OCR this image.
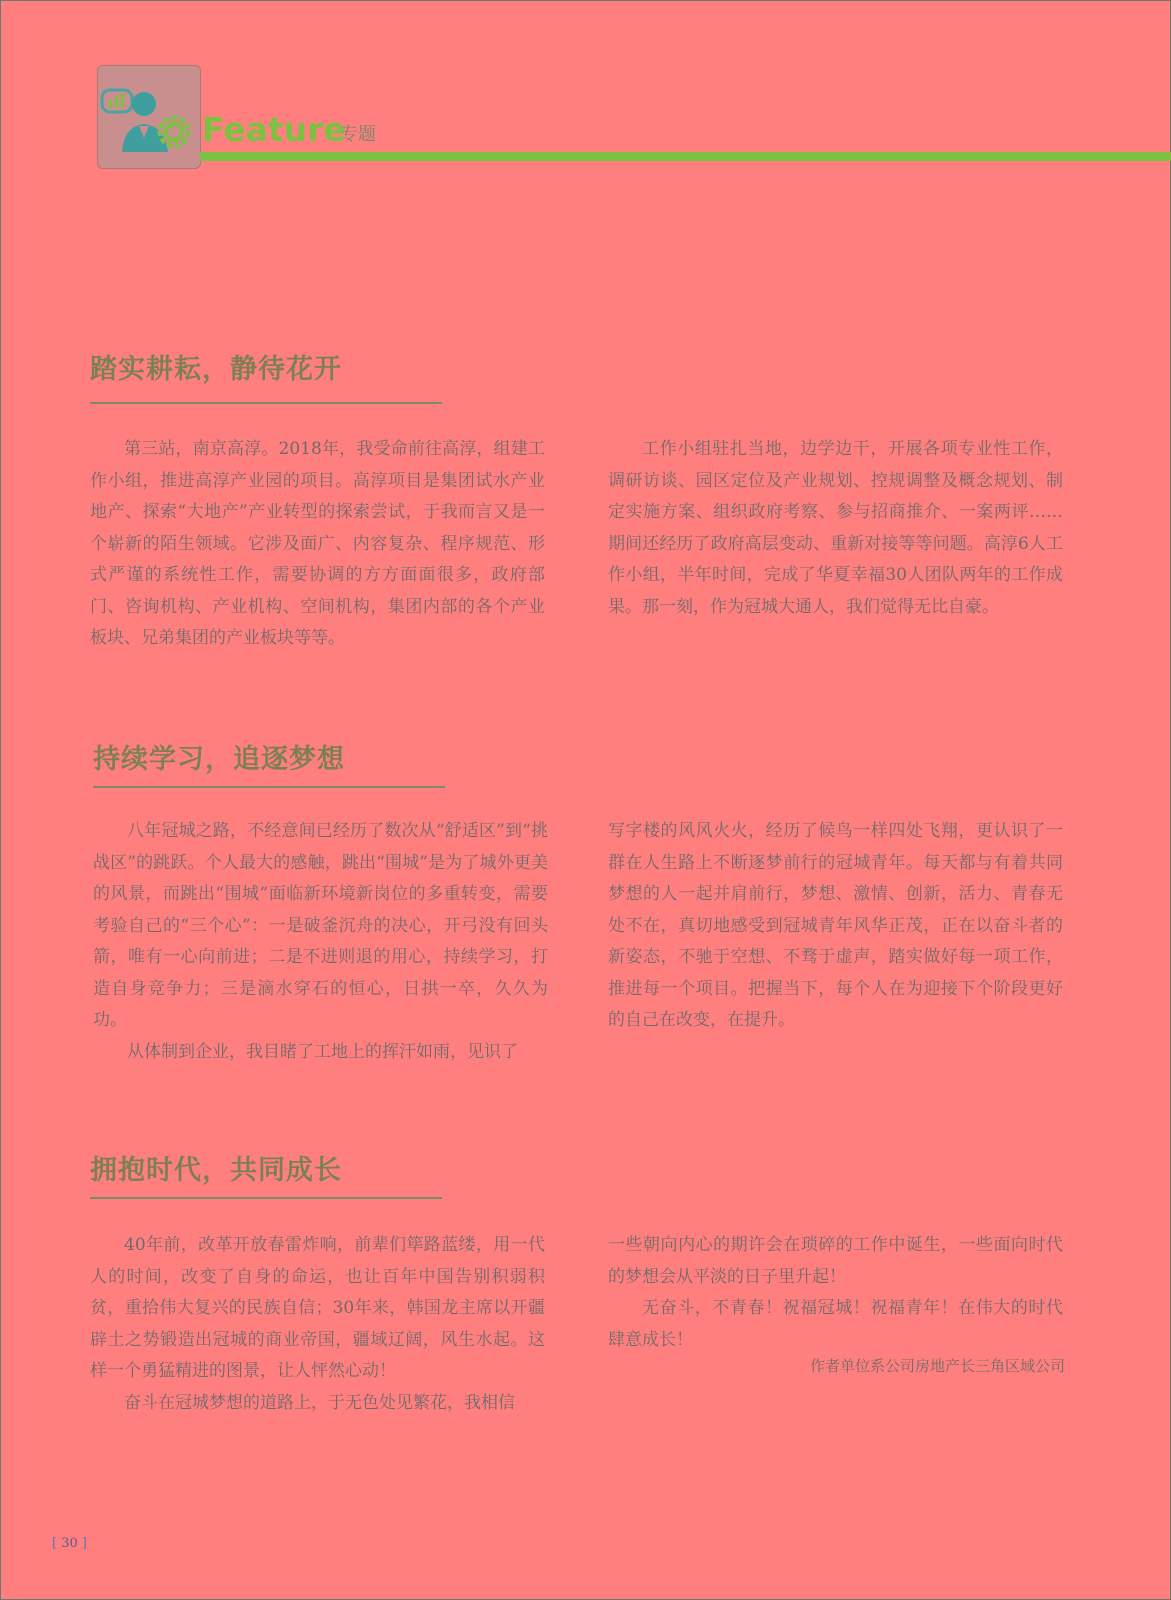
Feature
专题
踏实耕耘，静待花开

第三站，南京高淳。2018年，我受命前往高淳，组建工作小组，推进高淳产业园的项目。高淳项目是集团试水产业地产、探索“大地产”产业转型的探索尝试，于我而言又是一个崭新的陌生领域。它涉及面广、内容复杂、程序规范、形式严谨的系统性工作，需要协调的方方面面很多，政府部门、咨询机构、产业机构、空间机构，集团内部的各个产业板块、兄弟集团的产业板块等等。

工作小组驻扎当地，边学边干，开展各项专业性工作，调研访谈、园区定位及产业规划、控规调整及概念规划、制定实施方案、组织政府考察、参与招商推介、一案两评……期间还经历了政府高层变动、重新对接等等问题。高淳6人工作小组，半年时间，完成了华夏幸福30人团队两年的工作成果。那一刻，作为冠城大通人，我们觉得无比自豪。

持续学习，追逐梦想

八年冠城之路，不经意间已经历了数次从“舒适区”到“挑战区”的跳跃。个人最大的感触，跳出“围城”是为了城外更美的风景，而跳出“围城”面临新环境新岗位的多重转变，需要考验自己的“三个心”：一是破釜沉舟的决心，开弓没有回头箭，唯有一心向前进；二是不进则退的用心，持续学习，打造自身竞争力；三是滴水穿石的恒心，日拱一卒，久久为功。

从体制到企业，我目睹了工地上的挥汗如雨，见识了

写字楼的风风火火，经历了候鸟一样四处飞翔，更认识了一群在人生路上不断逐梦前行的冠城青年。每天都与有着共同梦想的人一起并肩前行，梦想、激情、创新，活力、青春无处不在，真切地感受到冠城青年风华正茂，正在以奋斗者的新姿态，不驰于空想、不骛于虚声，踏实做好每一项工作，推进每一个项目。把握当下，每个人在为迎接下个阶段更好的自己在改变，在提升。

拥抱时代，共同成长

40年前，改革开放春雷炸响，前辈们筚路蓝缕，用一代人的时间，改变了自身的命运，也让百年中国告别积弱积贫，重拾伟大复兴的民族自信；30年来，韩国龙主席以开疆辟土之势锻造出冠城的商业帝国，疆域辽阔，风生水起。这样一个勇猛精进的图景，让人怦然心动！

奋斗在冠城梦想的道路上，于无色处见繁花，我相信

一些朝向内心的期许会在琐碎的工作中诞生，一些面向时代的梦想会从平淡的日子里升起！

无奋斗，不青春！祝福冠城！祝福青年！在伟大的时代肆意成长！

作者单位系公司房地产长三角区域公司
[ 30 ]
